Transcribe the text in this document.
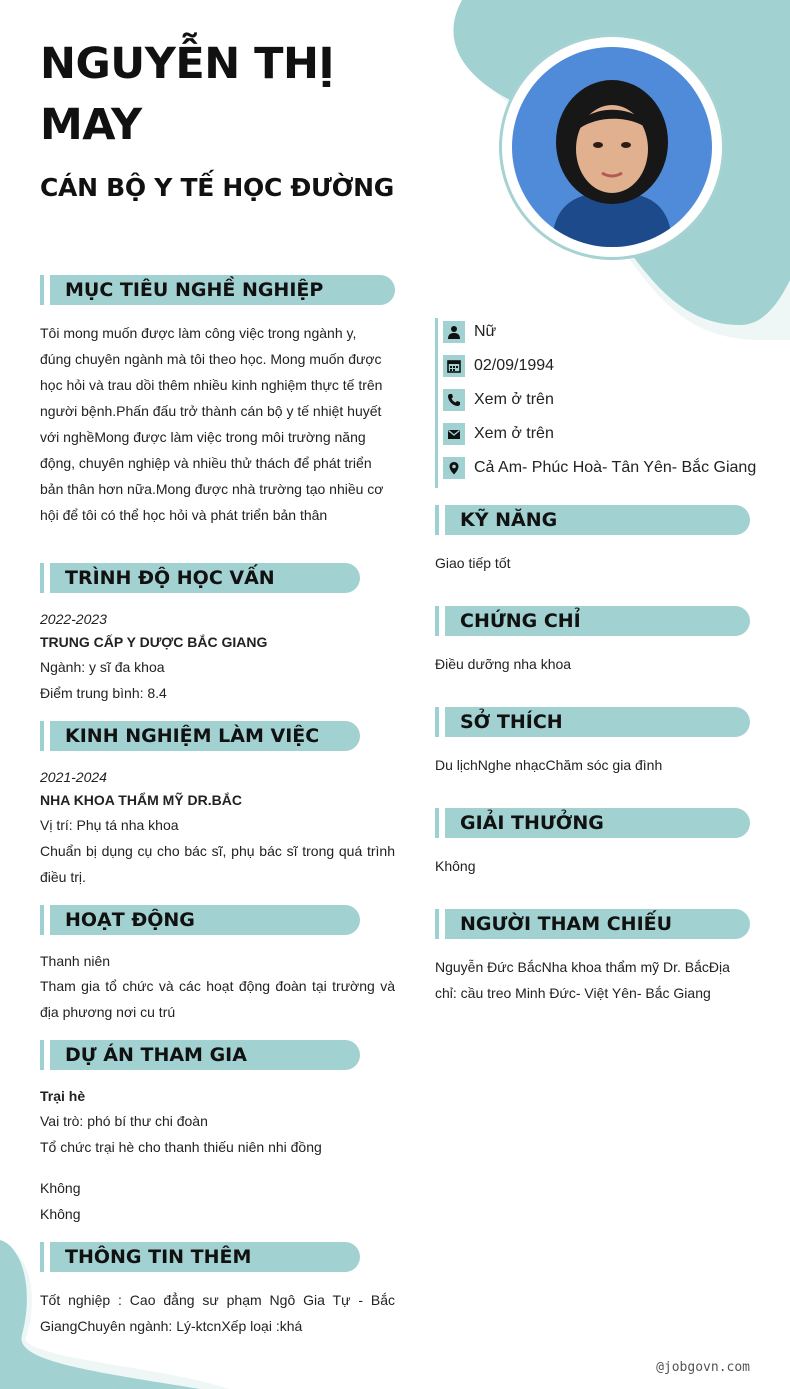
NGUYỄN THỊ MAY
CÁN BỘ Y TẾ HỌC ĐƯỜNG
MỤC TIÊU NGHỀ NGHIỆP

Tôi mong muốn được làm công việc trong ngành y, đúng chuyên ngành mà tôi theo học. Mong muốn được học hỏi và trau dồi thêm nhiều kinh nghiệm thực tế trên người bệnh.Phấn đấu trở thành cán bộ y tế nhiệt huyết với nghềMong được làm việc trong môi trường năng động, chuyên nghiệp và nhiều thử thách để phát triển bản thân hơn nữa.Mong được nhà trường tạo nhiều cơ hội để tôi có thể học hỏi và phát triển bản thân

TRÌNH ĐỘ HỌC VẤN

2022-2023

TRUNG CẤP Y DƯỢC BẮC GIANG

Ngành: y sĩ đa khoa

Điểm trung bình: 8.4

KINH NGHIỆM LÀM VIỆC

2021-2024

NHA KHOA THẨM MỸ DR.BẮC

Vị trí: Phụ tá nha khoa

Chuẩn bị dụng cụ cho bác sĩ, phụ bác sĩ trong quá trình điều trị.

HOẠT ĐỘNG

Thanh niên

Tham gia tổ chức và các hoạt động đoàn tại trường và địa phương nơi cu trú

DỰ ÁN THAM GIA

Trại hè

Vai trò: phó bí thư chi đoàn

Tổ chức trại hè cho thanh thiếu niên nhi đồng

Không

Không

THÔNG TIN THÊM

Tốt nghiệp : Cao đẳng sư phạm Ngô Gia Tự - Bắc GiangChuyên ngành: Lý-ktcnXếp loại :khá

Nữ
02/09/1994
Xem ở trên
Xem ở trên
Cả Am- Phúc Hoà- Tân Yên- Bắc Giang
KỸ NĂNG

Giao tiếp tốt

CHỨNG CHỈ

Điều dưỡng nha khoa

SỞ THÍCH

Du lịchNghe nhạcChăm sóc gia đình

GIẢI THƯỞNG

Không

NGƯỜI THAM CHIẾU

Nguyễn Đức BắcNha khoa thẩm mỹ Dr. BắcĐịa chỉ: cầu treo Minh Đức- Việt Yên- Bắc Giang

@jobgovn.com
